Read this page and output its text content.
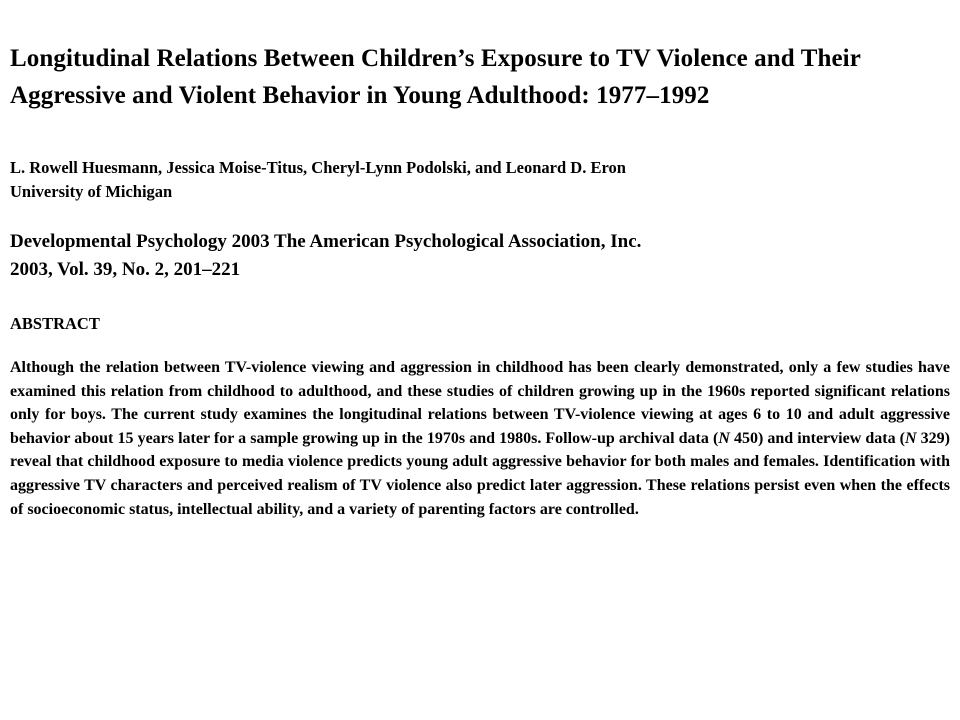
Longitudinal Relations Between Children’s Exposure to TV Violence and Their Aggressive and Violent Behavior in Young Adulthood: 1977–1992
L. Rowell Huesmann, Jessica Moise-Titus, Cheryl-Lynn Podolski, and Leonard D. Eron
University of Michigan
Developmental Psychology 2003 The American Psychological Association, Inc.
2003, Vol. 39, No. 2, 201–221
ABSTRACT
Although the relation between TV-violence viewing and aggression in childhood has been clearly demonstrated, only a few studies have examined this relation from childhood to adulthood, and these studies of children growing up in the 1960s reported significant relations only for boys. The current study examines the longitudinal relations between TV-violence viewing at ages 6 to 10 and adult aggressive behavior about 15 years later for a sample growing up in the 1970s and 1980s. Follow-up archival data (N 450) and interview data (N 329) reveal that childhood exposure to media violence predicts young adult aggressive behavior for both males and females. Identification with aggressive TV characters and perceived realism of TV violence also predict later aggression. These relations persist even when the effects of socioeconomic status, intellectual ability, and a variety of parenting factors are controlled.
